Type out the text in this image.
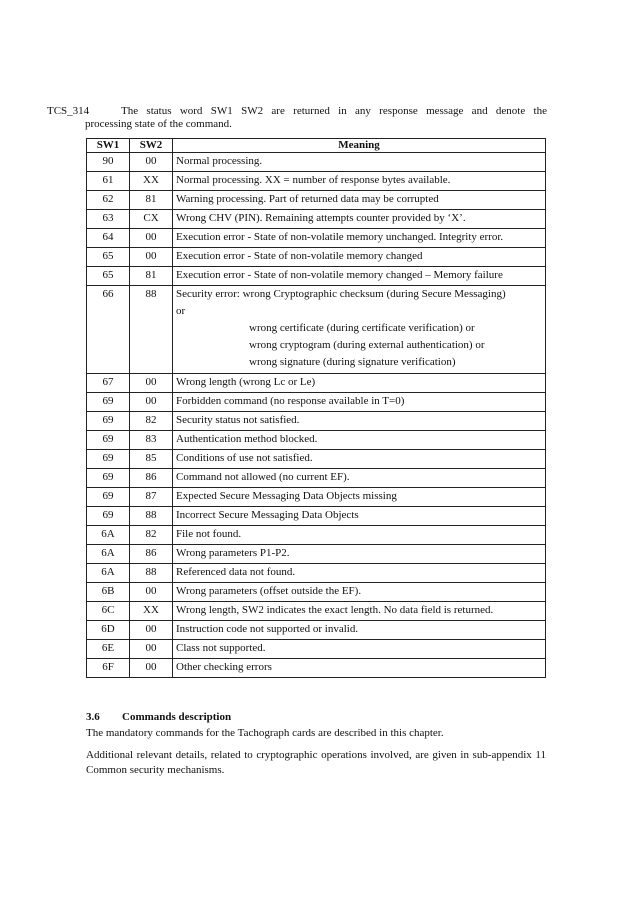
TCS_314	The status word SW1 SW2 are returned in any response message and denote the
processing state of the command.
SW1	SW2	Meaning
90	00	Normal processing.
61	XX	Normal processing. XX = number of response bytes available.
62	81	Warning processing. Part of returned data may be corrupted
63	CX	Wrong CHV (PIN). Remaining attempts counter provided by ‘X’.
64	00	Execution error - State of non-volatile memory unchanged. Integrity error.
65	00	Execution error - State of non-volatile memory changed
65	81	Execution error - State of non-volatile memory changed – Memory failure
66	88	Security error: wrong Cryptographic checksum (during Secure Messaging)
or
wrong certificate (during certificate verification) or
wrong cryptogram (during external authentication) or
wrong signature (during signature verification)

67	00	Wrong length (wrong Lc or Le)
69	00	Forbidden command (no response available in T=0)
69	82	Security status not satisfied.
69	83	Authentication method blocked.
69	85	Conditions of use not satisfied.
69	86	Command not allowed (no current EF).
69	87	Expected Secure Messaging Data Objects missing
69	88	Incorrect Secure Messaging Data Objects
6A	82	File not found.
6A	86	Wrong parameters P1-P2.
6A	88	Referenced data not found.
6B	00	Wrong parameters (offset outside the EF).
6C	XX	Wrong length, SW2 indicates the exact length. No data field is returned.
6D	00	Instruction code not supported or invalid.
6E	00	Class not supported.
6F	00	Other checking errors
3.6	Commands description

The mandatory commands for the Tachograph cards are described in this chapter.

Additional relevant details, related to cryptographic operations involved, are given in sub-appendix 11 Common security mechanisms.
